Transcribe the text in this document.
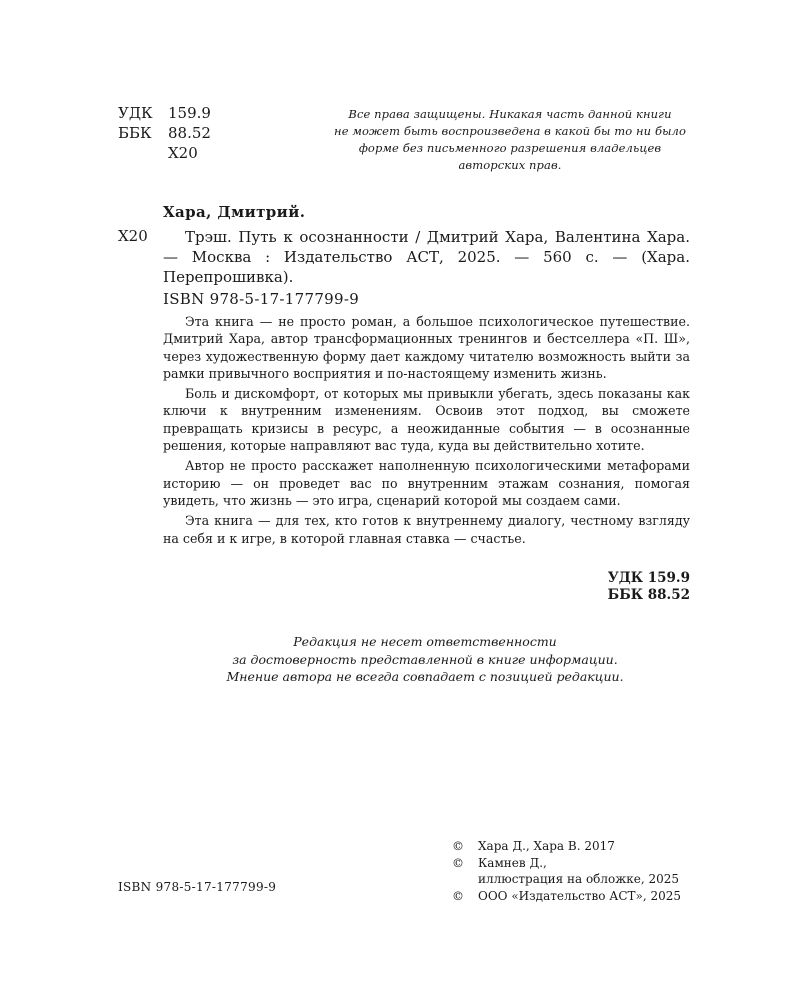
УДК	159.9
ББК	88.52
Х20
Все права защищены. Никакая часть данной книги
не может быть воспроизведена в какой бы то ни было
форме без письменного разрешения владельцев
авторских прав.
Хара, Дмитрий.
Х20	Трэш. Путь к осознанности / Дмитрий Хара, Валентина Хара. — Москва : Издательство АСТ, 2025. — 560 с. — (Хара. Перепрошивка).
ISBN 978-5-17-177799-9

Эта книга — не просто роман, а большое психологическое путешествие. Дмитрий Хара, автор трансформационных тренингов и бестселлера «П. Ш», через художественную форму дает каждому читателю возможность выйти за рамки привычного восприятия и по-настоящему изменить жизнь.

Боль и дискомфорт, от которых мы привыкли убегать, здесь показаны как ключи к внутренним изменениям. Освоив этот подход, вы сможете превращать кризисы в ресурс, а неожиданные события — в осознанные решения, которые направляют вас туда, куда вы действительно хотите.

Автор не просто расскажет наполненную психологическими метафорами историю — он проведет вас по внутренним этажам сознания, помогая увидеть, что жизнь — это игра, сценарий которой мы создаем сами.

Эта книга — для тех, кто готов к внутреннему диалогу, честному взгляду на себя и к игре, в которой главная ставка — счастье.

УДК 159.9
ББК 88.52
Редакция не несет ответственности
за достоверность представленной в книге информации.
Мнение автора не всегда совпадает с позицией редакции.
©	Хара Д., Хара В. 2017
©	Камнев Д.,
иллюстрация на обложке, 2025
©	ООО «Издательство АСТ», 2025
ISBN 978-5-17-177799-9
